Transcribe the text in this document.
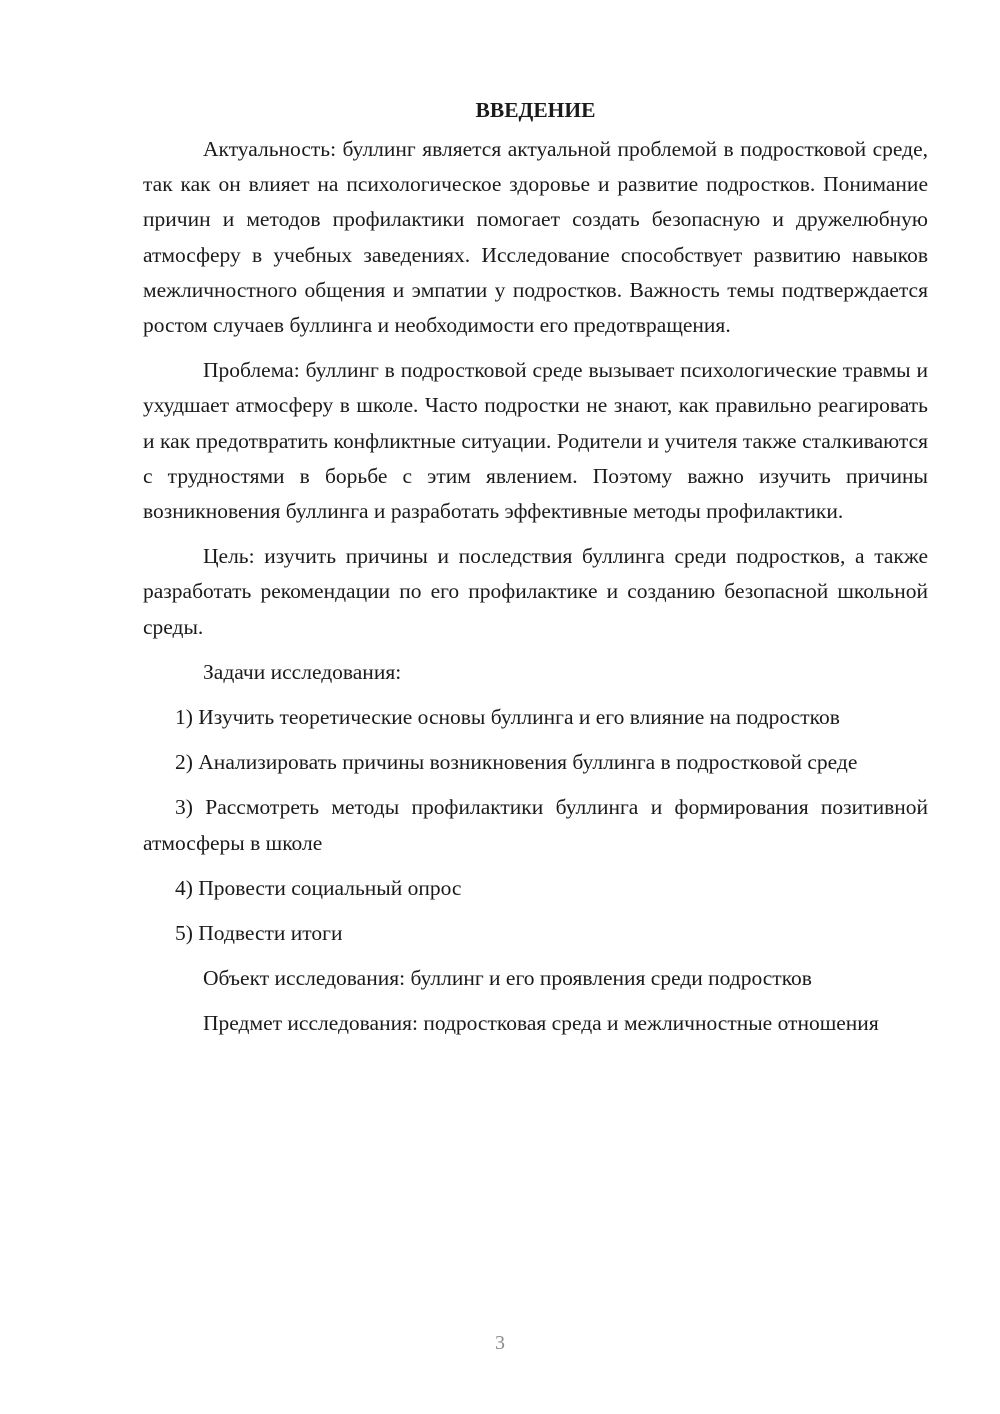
ВВЕДЕНИЕ

Актуальность: буллинг является актуальной проблемой в подростковой среде, так как он влияет на психологическое здоровье и развитие подростков. Понимание причин и методов профилактики помогает создать безопасную и дружелюбную атмосферу в учебных заведениях. Исследование способствует развитию навыков межличностного общения и эмпатии у подростков. Важность темы подтверждается ростом случаев буллинга и необходимости его предотвращения.

Проблема: буллинг в подростковой среде вызывает психологические травмы и ухудшает атмосферу в школе. Часто подростки не знают, как правильно реагировать и как предотвратить конфликтные ситуации. Родители и учителя также сталкиваются с трудностями в борьбе с этим явлением. Поэтому важно изучить причины возникновения буллинга и разработать эффективные методы профилактики.

Цель: изучить причины и последствия буллинга среди подростков, а также разработать рекомендации по его профилактике и созданию безопасной школьной среды.

Задачи исследования:

1) Изучить теоретические основы буллинга и его влияние на подростков

2) Анализировать причины возникновения буллинга в подростковой среде

3) Рассмотреть методы профилактики буллинга и формирования позитивной атмосферы в школе

4) Провести социальный опрос

5) Подвести итоги

Объект исследования: буллинг и его проявления среди подростков

Предмет исследования: подростковая среда и межличностные отношения

3
